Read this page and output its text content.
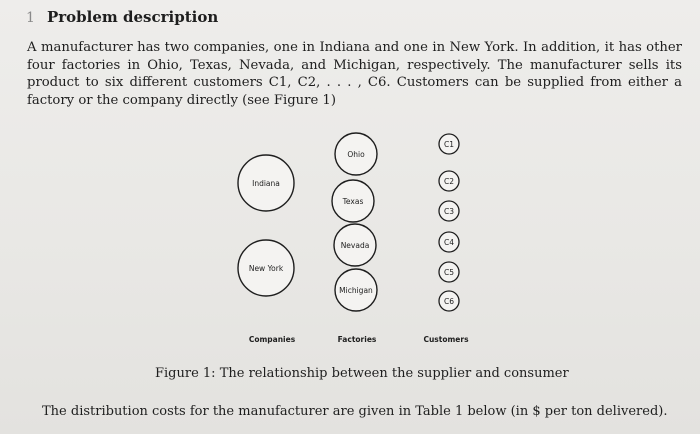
1 Problem description
A manufacturer has two companies, one in Indiana and one in New York. In addition, it has other four factories in Ohio, Texas, Nevada, and Michigan, respectively. The manufacturer sells its product to six different customers C1, C2, . . . , C6. Customers can be supplied from either a factory or the company directly (see Figure 1)
Indiana
New York
Ohio
Texas
Nevada
Michigan
C1
C2
C3
C4
C5
C6
Companies	Factories	Customers
Figure 1: The relationship between the supplier and consumer
The distribution costs for the manufacturer are given in Table 1 below (in $ per ton delivered).
